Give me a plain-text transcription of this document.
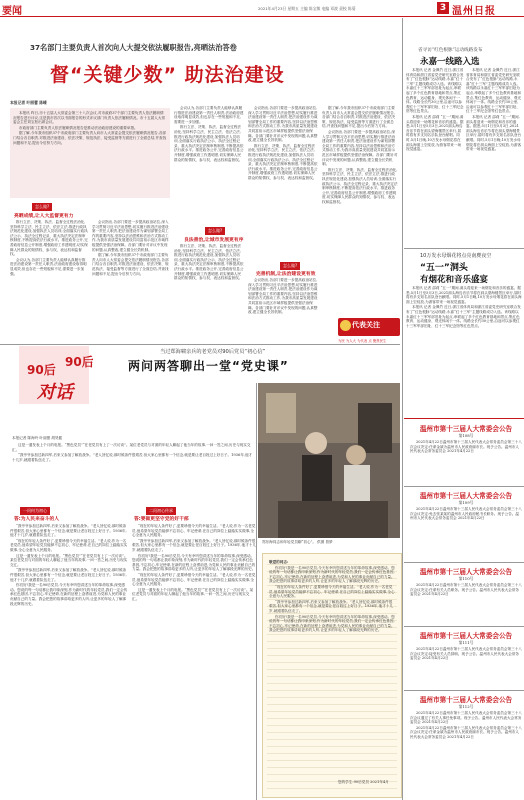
要闻	2021年4月23日 星期五 主编 陈宝敏 电编 邓波 责校 陈菊	3 温州日报
37名部门主要负责人首次向人大提交依法履职报告,亮晒法治答卷
督“关键少数” 助法治建设
本报记者 叶丽蕾 陈嵘

本报讯 昨日,市十五届人大常委会第三十八次会议,对市政府37个部门主要负责人依法履职情况报告进行评议,这是我市首次以书面报告的形式评议部门负责人依法履职情况。市十五届人大常委会主任刘宝松出席会议。

市政府部门主要负责人依法履职情况报告是推动法治政府建设的重要举措。

据了解,今年我市组织37个市政府部门主要负责人向市人大常委会提交依法履职情况报告,各部门结合各自职责,对推进法治建设、依法决策、规范执法、接受监督等方面进行了全面总结,并查找问题和不足,提出今后努力方向。

会议认为,各部门主要负责人能够认真履行推进法治建设第一责任人职责,法治政府建设取得明显成效,但也存在一些短板和不足,需要进一步加强。

推行立法、决策、执法、监督全过程法治化,坚持科学立法、民主立法、依法立法,推进行政执法规范化建设,加强执法人员培训,全面落实行政执法公示、执法全过程记录、重大执法决定法制审核制度,不断提高依法行政水平。推进政务公开,完善政府信息公开制度,增强政府工作透明度,切实保障人民群众的知情权、参与权、表达权和监督权。

会议指出,各部门要进一步提高政治站位,深入学习贯彻习近平法治思想,切实履行推进法治建设第一责任人职责,把法治建设作为谋划部署全局工作的重要内容,坚持以法治思维和法治方式推动工作,为我市高质量发展建设共同富裕示范区市域样板提供坚强法治保障。各部门要针对评议中发现的问题,认真整改,建立健全长效机制。

推行立法、决策、执法、监督全过程法治化,坚持科学立法、民主立法、依法立法,推进行政执法规范化建设,加强执法人员培训,全面落实行政执法公示、执法全过程记录、重大执法决定法制审核制度,不断提高依法行政水平。推进政务公开,完善政府信息公开制度,增强政府工作透明度,切实保障人民群众的知情权、参与权、表达权和监督权。

据了解,今年我市组织37个市政府部门主要负责人向市人大常委会提交依法履职情况报告,各部门结合各自职责,对推进法治建设、依法决策、规范执法、接受监督等方面进行了全面总结,并查找问题和不足,提出今后努力方向。

会议指出,各部门要进一步提高政治站位,深入学习贯彻习近平法治思想,切实履行推进法治建设第一责任人职责,把法治建设作为谋划部署全局工作的重要内容,坚持以法治思维和法治方式推动工作,为我市高质量发展建设共同富裕示范区市域样板提供坚强法治保障。各部门要针对评议中发现的问题,认真整改,建立健全长效机制。

推行立法、决策、执法、监督全过程法治化,坚持科学立法、民主立法、依法立法,推进行政执法规范化建设,加强执法人员培训,全面落实行政执法公示、执法全过程记录、重大执法决定法制审核制度,不断提高依法行政水平。推进政务公开,完善政府信息公开制度,增强政府工作透明度,切实保障人民群众的知情权、参与权、表达权和监督权。

怎么做?
亮晒成绩,让人大监督更有力

推行立法、决策、执法、监督全过程法治化,坚持科学立法、民主立法、依法立法,推进行政执法规范化建设,加强执法人员培训,全面落实行政执法公示、执法全过程记录、重大执法决定法制审核制度,不断提高依法行政水平。推进政务公开,完善政府信息公开制度,增强政府工作透明度,切实保障人民群众的知情权、参与权、表达权和监督权。

会议认为,各部门主要负责人能够认真履行推进法治建设第一责任人职责,法治政府建设取得明显成效,但也存在一些短板和不足,需要进一步加强。

会议指出,各部门要进一步提高政治站位,深入学习贯彻习近平法治思想,切实履行推进法治建设第一责任人职责,把法治建设作为谋划部署全局工作的重要内容,坚持以法治思维和法治方式推动工作,为我市高质量发展建设共同富裕示范区市域样板提供坚强法治保障。各部门要针对评议中发现的问题,认真整改,建立健全长效机制。

据了解,今年我市组织37个市政府部门主要负责人向市人大常委会提交依法履职情况报告,各部门结合各自职责,对推进法治建设、依法决策、规范执法、接受监督等方面进行了全面总结,并查找问题和不足,提出今后努力方向。

怎么做?
良法善治,让城市发展更有序

推行立法、决策、执法、监督全过程法治化,坚持科学立法、民主立法、依法立法,推进行政执法规范化建设,加强执法人员培训,全面落实行政执法公示、执法全过程记录、重大执法决定法制审核制度,不断提高依法行政水平。推进政务公开,完善政府信息公开制度,增强政府工作透明度,切实保障人民群众的知情权、参与权、表达权和监督权。

怎么做?
完善机制,让法治建设更有效

会议指出,各部门要进一步提高政治站位,深入学习贯彻习近平法治思想,切实履行推进法治建设第一责任人职责,把法治建设作为谋划部署全局工作的重要内容,坚持以法治思维和法治方式推动工作,为我市高质量发展建设共同富裕示范区市域样板提供坚强法治保障。各部门要针对评议中发现的问题,认真整改,建立健全长效机制。

代表关注
为民 为人大 为代表 点 聚焦民生
当过郑海啸亲兵的老党员对90后党员“初心信”
两问两答聊出一堂“党史课”
90后
90后
对话
本报记者 陈海玲 叶丽蕾 胡昊健

这是一通发表上个月的电报。“黑色党员”“在老党员有上了一次访谈”。某位老党员与对面的年轻人聊起了他当年的故事,一问一答之间,历史与现实交汇。

“我爷爷参加过新四军,后来又参加了解放战争。”老人回忆说,那时候条件很艰苦,但大家心里都有一个信念,就是要让老百姓过上好日子。1936年,他才十几岁,就跟着队伍走了。

一问何为初心
答:为人民来奋斗的人

“我爷爷参加过新四军,后来又参加了解放战争。”老人回忆说,那时候条件很艰苦,但大家心里都有一个信念,就是要让老百姓过上好日子。1936年,他才十几岁,就跟着队伍走了。

“现在的年轻人条件好了,更要珍惜今天的幸福生活。”老人说,作为一名老党员,他希望年轻党员能够不忘初心、牢记使命,在自己的岗位上踏踏实实做事,全心全意为人民服务。

这是一通发表上个月的电报。“黑色党员”“在老党员有上了一次访谈”。某位老党员与对面的年轻人聊起了他当年的故事,一问一答之间,历史与现实交汇。

“我爷爷参加过新四军,后来又参加了解放战争。”老人回忆说,那时候条件很艰苦,但大家心里都有一个信念,就是要让老百姓过上好日子。1936年,他才十几岁,就跟着队伍走了。

你们好!我是一名90后党员,今天有幸听您讲述当年的革命故事,深受感动。您说的每一句话都让我印象深刻,作为新时代的年轻党员,我们一定会传承红色基因,不忘初心,牢记使命,在新的征程上奋勇前进,为党和人民的事业贡献自己的力量。我会把您的故事讲给更多的人听,让更多的年轻人了解那段光辉的历史。

二问初心传承
答:要做更坚守党的好干部

“现在的年轻人条件好了,更要珍惜今天的幸福生活。”老人说,作为一名老党员,他希望年轻党员能够不忘初心、牢记使命,在自己的岗位上踏踏实实做事,全心全意为人民服务。

“我爷爷参加过新四军,后来又参加了解放战争。”老人回忆说,那时候条件很艰苦,但大家心里都有一个信念,就是要让老百姓过上好日子。1936年,他才十几岁,就跟着队伍走了。

你们好!我是一名90后党员,今天有幸听您讲述当年的革命故事,深受感动。您说的每一句话都让我印象深刻,作为新时代的年轻党员,我们一定会传承红色基因,不忘初心,牢记使命,在新的征程上奋勇前进,为党和人民的事业贡献自己的力量。我会把您的故事讲给更多的人听,让更多的年轻人了解那段光辉的历史。

“现在的年轻人条件好了,更要珍惜今天的幸福生活。”老人说,作为一名老党员,他希望年轻党员能够不忘初心、牢记使命,在自己的岗位上踏踏实实做事,全心全意为人民服务。

这是一通发表上个月的电报。“黑色党员”“在老党员有上了一次访谈”。某位老党员与对面的年轻人聊起了他当年的故事,一问一答之间,历史与现实交汇。

郑东海同志和年轻党员聊“初心”。 供图 曾梦

敬爱的同志:

你们好!我是一名90后党员,今天有幸听您讲述当年的革命故事,深受感动。您说的每一句话都让我印象深刻,作为新时代的年轻党员,我们一定会传承红色基因,不忘初心,牢记使命,在新的征程上奋勇前进,为党和人民的事业贡献自己的力量。我会把您的故事讲给更多的人听,让更多的年轻人了解那段光辉的历史。

“现在的年轻人条件好了,更要珍惜今天的幸福生活。”老人说,作为一名老党员,他希望年轻党员能够不忘初心、牢记使命,在自己的岗位上踏踏实实做事,全心全意为人民服务。

“我爷爷参加过新四军,后来又参加了解放战争。”老人回忆说,那时候条件很艰苦,但大家心里都有一个信念,就是要让老百姓过上好日子。1936年,他才十几岁,就跟着队伍走了。

你们好!我是一名90后党员,今天有幸听您讲述当年的革命故事,深受感动。您说的每一句话都让我印象深刻,作为新时代的年轻党员,我们一定会传承红色基因,不忘初心,牢记使命,在新的征程上奋勇前进,为党和人民的事业贡献自己的力量。我会把您的故事讲给更多的人听,让更多的年轻人了解那段光辉的历史。

您的学生:90后党员 2021年4月
省寻访“红色根脉”运动线路发布
永嘉一线路入选

本报讯 记者 金佩竹 近日,浙江省体育局和浙江省委党史研究室联合发布了“红色根脉”运动线路,永嘉“红十三军”主题线路成功入选。该线路以永嘉红十三军军部旧址为起点,串联起了多个红色教育基地和景点,集红色教育、运动健身、观光休闲于一体。线路全长约30公里,沿途可以参观红十三军军部旧址、红十三军纪念馆等红色景点。

本报讯 记者 邵莉 “五一”期间,洞头将迎来一场烟花和音乐的盛宴。据悉,5月1日至5月3日,2021洞头海岛音乐节将在洞头望海楼景区举行,届时将有多支知名乐队登台献唱。同时,5月1日晚,10万发水母烟花将在洞头海面上空绽放,为游客带来一场视觉盛宴。

本报讯 记者 金佩竹 近日,浙江省体育局和浙江省委党史研究室联合发布了“红色根脉”运动线路,永嘉“红十三军”主题线路成功入选。该线路以永嘉红十三军军部旧址为起点,串联起了多个红色教育基地和景点,集红色教育、运动健身、观光休闲于一体。线路全长约30公里,沿途可以参观红十三军军部旧址、红十三军纪念馆等红色景点。

本报讯 记者 邵莉 “五一”期间,洞头将迎来一场烟花和音乐的盛宴。据悉,5月1日至5月3日,2021洞头海岛音乐节将在洞头望海楼景区举行,届时将有多支知名乐队登台献唱。同时,5月1日晚,10万发水母烟花将在洞头海面上空绽放,为游客带来一场视觉盛宴。

10万发水母烟花将点亮南麂夜空
“五一”洞头
有烟花和音乐盛宴

本报讯 记者 邵莉 “五一”期间,洞头将迎来一场烟花和音乐的盛宴。据悉,5月1日至5月3日,2021洞头海岛音乐节将在洞头望海楼景区举行,届时将有多支知名乐队登台献唱。同时,5月1日晚,10万发水母烟花将在洞头海面上空绽放,为游客带来一场视觉盛宴。

本报讯 记者 金佩竹 近日,浙江省体育局和浙江省委党史研究室联合发布了“红色根脉”运动线路,永嘉“红十三军”主题线路成功入选。该线路以永嘉红十三军军部旧址为起点,串联起了多个红色教育基地和景点,集红色教育、运动健身、观光休闲于一体。线路全长约30公里,沿途可以参观红十三军军部旧址、红十三军纪念馆等红色景点。

温州市第十三届人大常委会公告
第108号

2021年4月22日温州市第十三届人民代表大会常务委员会第三十八次会议决定:任命金斌为温州市人民政府副市长。现予公告。温州市人民代表大会常务委员会 2021年4月22日

温州市第十三届人大常委会公告
第109号

2021年4月22日温州市第十三届人民代表大会常务委员会第三十八次会议决定:免去张某某的温州市人民政府秘书长职务。现予公告。温州市人民代表大会常务委员会 2021年4月22日

温州市第十三届人大常委会公告
第110号

2021年4月22日温州市第十三届人民代表大会常务委员会第三十八次会议决定:任命有关人员职务。现予公告。温州市人民代表大会常务委员会 2021年4月22日

温州市第十三届人大常委会公告
第111号

2021年4月22日温州市第十三届人民代表大会常务委员会第三十八次会议决定:接受有关人员辞职。现予公告。温州市人民代表大会常务委员会 2021年4月22日

温州市第十三届人大常委会公告
第112号

2021年4月22日温州市第十三届人民代表大会常务委员会第三十八次会议通过了有关人事任免事项。现予公告。温州市人民代表大会常务委员会 2021年4月22日

2021年4月22日温州市第十三届人民代表大会常务委员会第三十八次会议决定:任命金斌为温州市人民政府副市长。现予公告。温州市人民代表大会常务委员会 2021年4月22日
